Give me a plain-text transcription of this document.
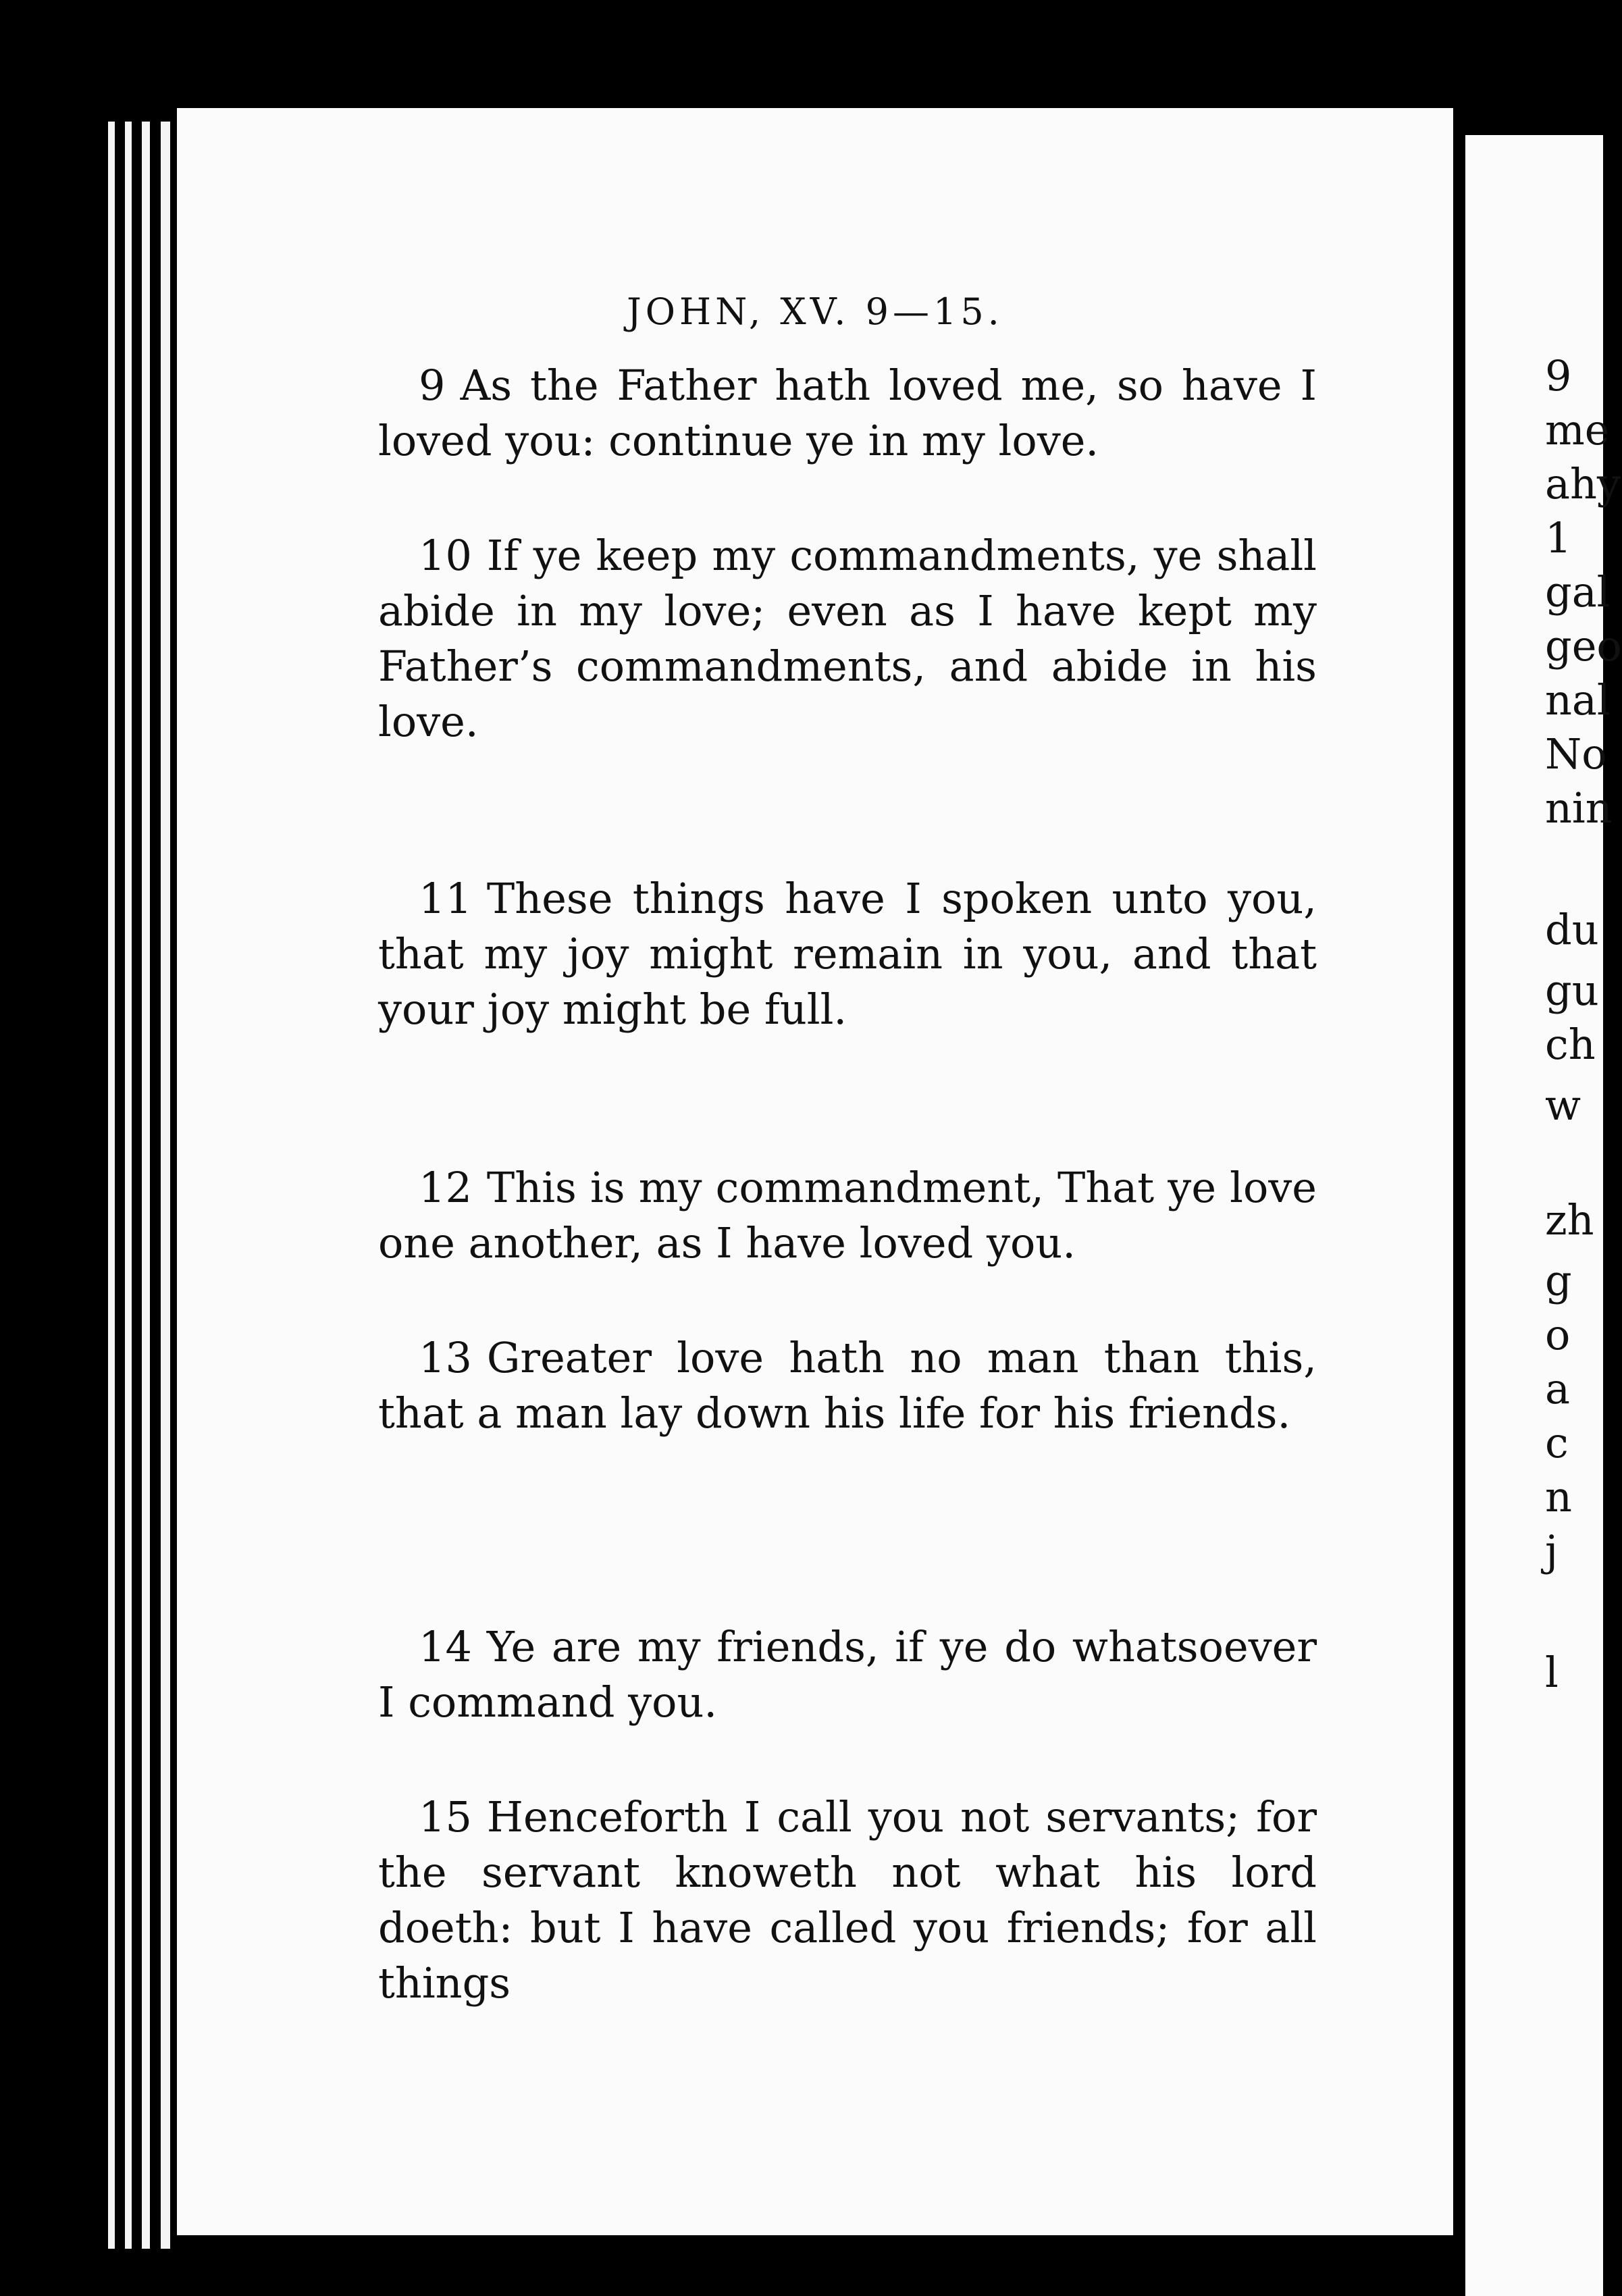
JOHN, XV. 9—15.

9 As the Father hath loved me, so have I loved you: continue ye in my love.

10 If ye keep my commandments, ye shall abide in my love; even as I have kept my Father’s commandments, and abide in his love.

11 These things have I spoken unto you, that my joy might remain in you, and that your joy might be full.

12 This is my commandment, That ye love one another, as I have loved you.

13 Greater love hath no man than this, that a man lay down his life for his friends.

14 Ye are my friends, if ye do whatsoever I command you.

15 Henceforth I call you not servants; for the servant knoweth not what his lord doeth: but I have called you friends; for all things

9
me
ahy
1
gal
geo
nal
No
nin
du
gu
ch
w
zh
g
o
a
c
n
j
l
